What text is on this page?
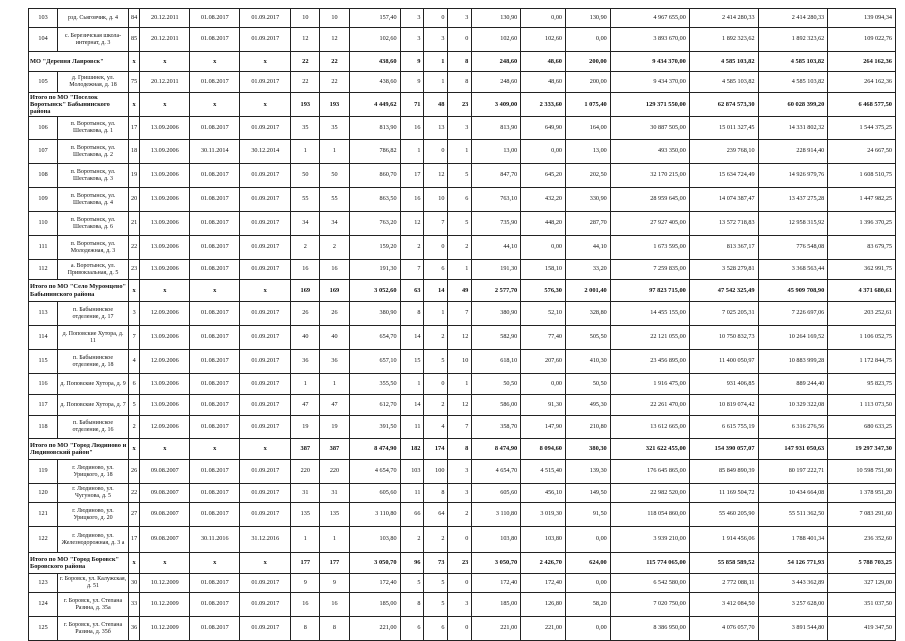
103	рзд. Сьяговчик, д. 4	84	20.12.2011	01.08.2017	01.09.2017	10	10	157,40	3	0	3	130,90	0,00	130,90	4 967 655,00	2 414 280,33	2 414 280,33	139 094,34
104	с. Березичская школа-интернат, д. 3	85	20.12.2011	01.08.2017	01.09.2017	12	12	102,60	3	3	0	102,60	102,60	0,00	3 893 670,00	1 892 323,62	1 892 323,62	109 022,76
МО "Деревня Лавровск"		x	x	x	x	22	22	438,60	9	1	8	248,60	48,60	200,00	9 434 370,00	4 585 103,82	4 585 103,82	264 162,36
105	д. Гришинек, ул. Молодежная, д. 18	75	20.12.2011	01.08.2017	01.09.2017	22	22	438,60	9	1	8	248,60	48,60	200,00	9 434 370,00	4 585 103,82	4 585 103,82	264 162,36
Итого по МО "Поселок Воротынск" Бабынинского района		x	x	x	x	193	193	4 449,62	71	48	23	3 409,00	2 333,60	1 075,40	129 371 550,00	62 874 573,30	60 028 399,20	6 468 577,50
106	п. Воротынск, ул. Шестакова, д. 1	17	13.09.2006	01.08.2017	01.09.2017	35	35	813,90	16	13	3	813,90	649,90	164,00	30 887 505,00	15 011 327,45	14 331 802,32	1 544 375,25
107	п. Воротынск, ул. Шестакова, д. 2	18	13.09.2006	30.11.2014	30.12.2014	1	1	786,82	1	0	1	13,00	0,00	13,00	493 350,00	239 768,10	228 914,40	24 667,50
108	п. Воротынск, ул. Шестакова, д. 3	19	13.09.2006	01.08.2017	01.09.2017	50	50	860,70	17	12	5	847,70	645,20	202,50	32 170 215,00	15 634 724,49	14 926 979,76	1 608 510,75
109	п. Воротынск, ул. Шестакова, д. 4	20	13.09.2006	01.08.2017	01.09.2017	55	55	863,50	16	10	6	763,10	432,20	330,90	28 959 645,00	14 074 387,47	13 437 275,28	1 447 982,25
110	п. Воротынск, ул. Шестакова, д. 6	21	13.09.2006	01.08.2017	01.09.2017	34	34	763,20	12	7	5	735,90	448,20	287,70	27 927 405,00	13 572 718,83	12 958 315,92	1 396 370,25
111	п. Воротынск, ул. Молодежная, д. 3	22	13.09.2006	01.08.2017	01.09.2017	2	2	159,20	2	0	2	44,10	0,00	44,10	1 673 595,00	813 367,17	776 548,08	83 679,75
112	а. Воротынск, ул. Привокзальная, д. 5	23	13.09.2006	01.08.2017	01.09.2017	16	16	191,30	7	6	1	191,30	158,10	33,20	7 259 835,00	3 528 279,81	3 368 563,44	362 991,75
Итого по МО "Село Муромцево" Бабынинского района		x	x	x	x	169	169	3 052,60	63	14	49	2 577,70	576,30	2 001,40	97 823 715,00	47 542 325,49	45 909 708,90	4 371 680,61
113	п. Бабынинское отделение, д. 17	3	12.09.2006	01.08.2017	01.09.2017	26	26	380,90	8	1	7	380,90	52,10	328,80	14 455 155,00	7 025 205,31	7 226 697,06	203 252,61
114	д. Поповские Хутора, д. 11	7	13.09.2006	01.08.2017	01.09.2017	40	40	654,70	14	2	12	582,90	77,40	505,50	22 121 055,00	10 750 832,73	10 264 169,52	1 106 052,75
115	п. Бабынинское отделение, д. 18	4	12.09.2006	01.08.2017	01.09.2017	36	36	657,10	15	5	10	618,10	207,60	410,30	23 456 895,00	11 400 050,97	10 883 999,28	1 172 844,75
116	д. Поповские Хутора, д. 9	6	13.09.2006	01.08.2017	01.09.2017	1	1	355,50	1	0	1	50,50	0,00	50,50	1 916 475,00	931 406,85	889 244,40	95 823,75
117	д. Поповские Хутора, д. 7	5	13.09.2006	01.08.2017	01.09.2017	47	47	612,70	14	2	12	586,00	91,30	495,30	22 261 470,00	10 819 074,42	10 329 322,08	1 113 073,50
118	п. Бабынинское отделение, д. 16	2	12.09.2006	01.08.2017	01.09.2017	19	19	391,50	11	4	7	358,70	147,90	210,80	13 612 665,00	6 615 755,19	6 316 276,56	680 633,25
Итого по МО "Город Людиново и Людиновский район"		x	x	x	x	387	387	8 474,90	182	174	8	8 474,90	8 094,60	380,30	321 622 455,00	154 390 057,07	147 931 050,63	19 297 347,30
119	г. Людиново, ул. Урицкого, д. 18	26	09.08.2007	01.08.2017	01.09.2017	220	220	4 654,70	103	100	3	4 654,70	4 515,40	139,30	176 645 865,00	85 849 890,39	80 197 222,71	10 598 751,90
120	г. Людиново, ул. Чугунова, д. 5	22	09.08.2007	01.08.2017	01.09.2017	31	31	605,60	11	8	3	605,60	456,10	149,50	22 982 520,00	11 169 504,72	10 434 664,08	1 378 951,20
121	г. Людиново, ул. Урицкого, д. 20	27	09.08.2007	01.08.2017	01.09.2017	135	135	3 110,80	66	64	2	3 110,80	3 019,30	91,50	118 054 860,00	55 460 205,90	55 511 362,50	7 083 291,60
122	г. Людиново, ул. Железнодорожная, д. 3 а	17	09.08.2007	30.11.2016	31.12.2016	1	1	103,80	2	2	0	103,80	103,80	0,00	3 939 210,00	1 914 456,06	1 788 401,34	236 352,60
Итого по МО "Город Боровск" Боровского района		x	x	x	x	177	177	3 050,70	96	73	23	3 050,70	2 426,70	624,00	115 774 065,00	55 858 589,52	54 126 771,93	5 788 703,25
123	г. Боровск, ул. Калужская, д. 51	30	10.12.2009	01.08.2017	01.09.2017	9	9	172,40	5	5	0	172,40	172,40	0,00	6 542 580,00	2 772 088,11	3 443 362,89	327 129,00
124	г. Боровск, ул. Степана Разина, д. 35а	33	10.12.2009	01.08.2017	01.09.2017	16	16	185,00	8	5	3	185,00	126,80	58,20	7 020 750,00	3 412 084,50	3 257 628,00	351 037,50
125	г. Боровск, ул. Степана Разина, д. 35б	36	10.12.2009	01.08.2017	01.09.2017	8	8	221,00	6	6	0	221,00	221,00	0,00	8 386 950,00	4 076 057,70	3 891 544,80	419 347,50
